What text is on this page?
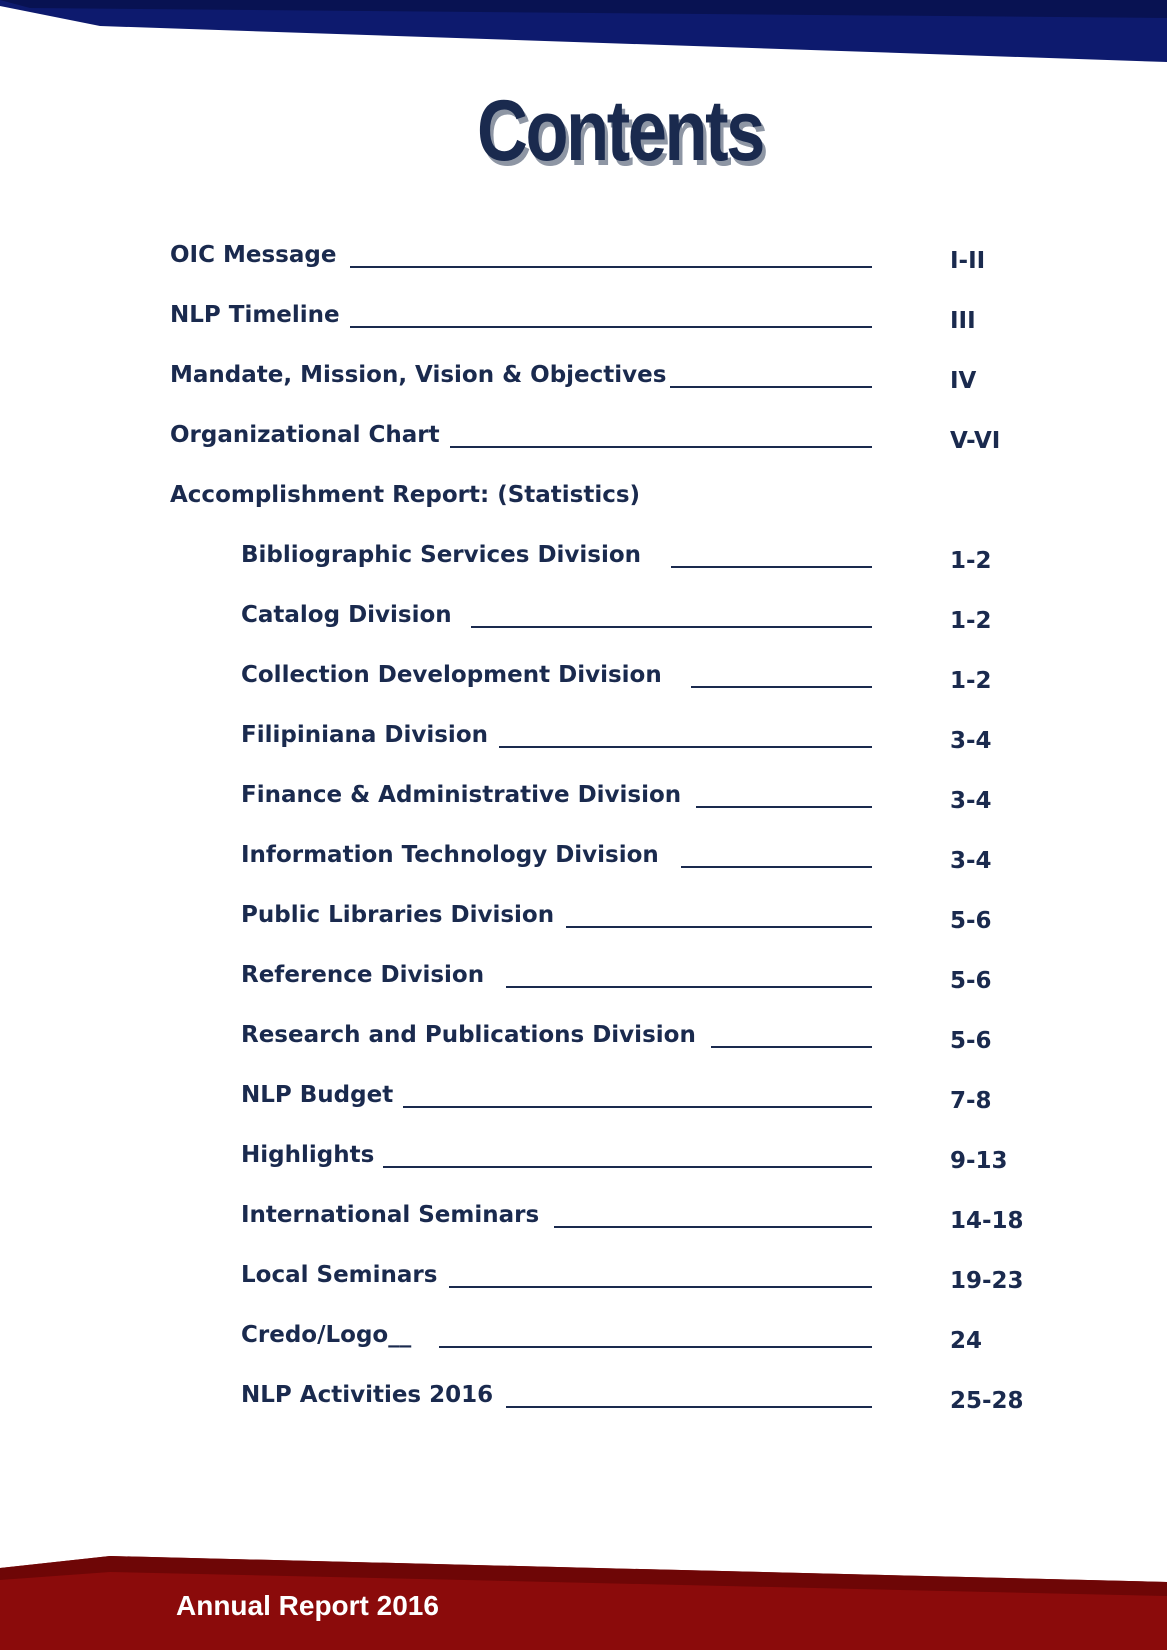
Contents
OIC Message	I-II
NLP Timeline	III
Mandate, Mission, Vision & Objectives	IV
Organizational Chart	V-VI
Accomplishment Report: (Statistics)
Bibliographic Services Division	1-2
Catalog Division	1-2
Collection Development Division	1-2
Filipiniana Division	3-4
Finance & Administrative Division	3-4
Information Technology Division	3-4
Public Libraries Division	5-6
Reference Division	5-6
Research and Publications Division	5-6
NLP Budget	7-8
Highlights	9-13
International Seminars	14-18
Local Seminars	19-23
Credo/Logo__	24
NLP Activities 2016	25-28

Annual Report 2016
